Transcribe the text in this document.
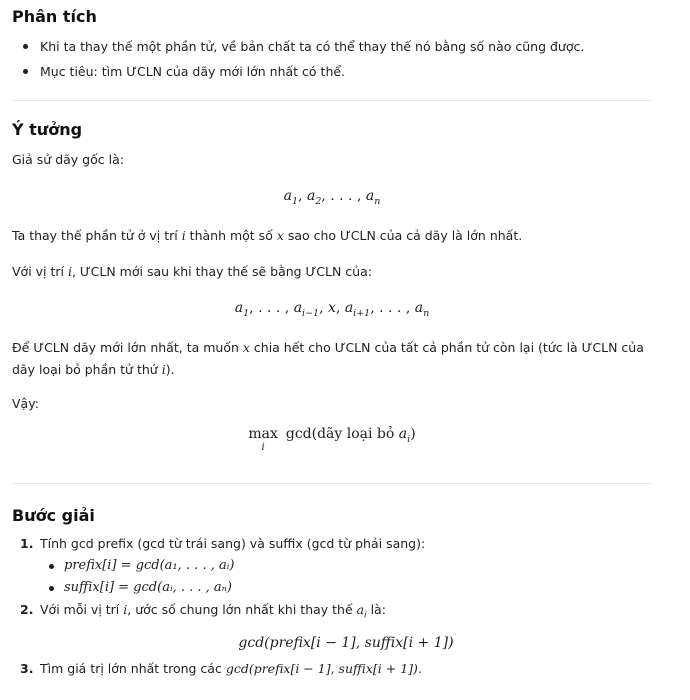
Phân tích
Khi ta thay thế một phần tử, về bản chất ta có thể thay thế nó bằng số nào cũng được.
Mục tiêu: tìm ƯCLN của dãy mới lớn nhất có thể.
Ý tưởng

Giả sử dãy gốc là:

$a_1$, $a_2$, . . . , $a_n$

Ta thay thế phần tử ở vị trí i thành một số x sao cho ƯCLN của cả dãy là lớn nhất.

Với vị trí i, ƯCLN mới sau khi thay thế sẽ bằng ƯCLN của:

$a_1$, . . . , $a_{i-1}$, x, $a_{i+1}$, . . . , $a_n$

Để ƯCLN dãy mới lớn nhất, ta muốn x chia hết cho ƯCLN của tất cả phần tử còn lại (tức là ƯCLN của dãy loại bỏ phần tử thứ i).

Vậy:

max
i
gcd(dãy loại bỏ $a_i$)
Bước giải
1. Tính gcd prefix (gcd từ trái sang) và suffix (gcd từ phải sang):
prefix[i] = gcd(a₁, . . . , aᵢ)
suffix[i] = gcd(aᵢ, . . . , aₙ)
2. Với mỗi vị trí i, ước số chung lớn nhất khi thay thế $a_i$ là:
gcd(prefix[i − 1], suffix[i + 1])
3. Tìm giá trị lớn nhất trong các gcd(prefix[i − 1], suffix[i + 1]).
